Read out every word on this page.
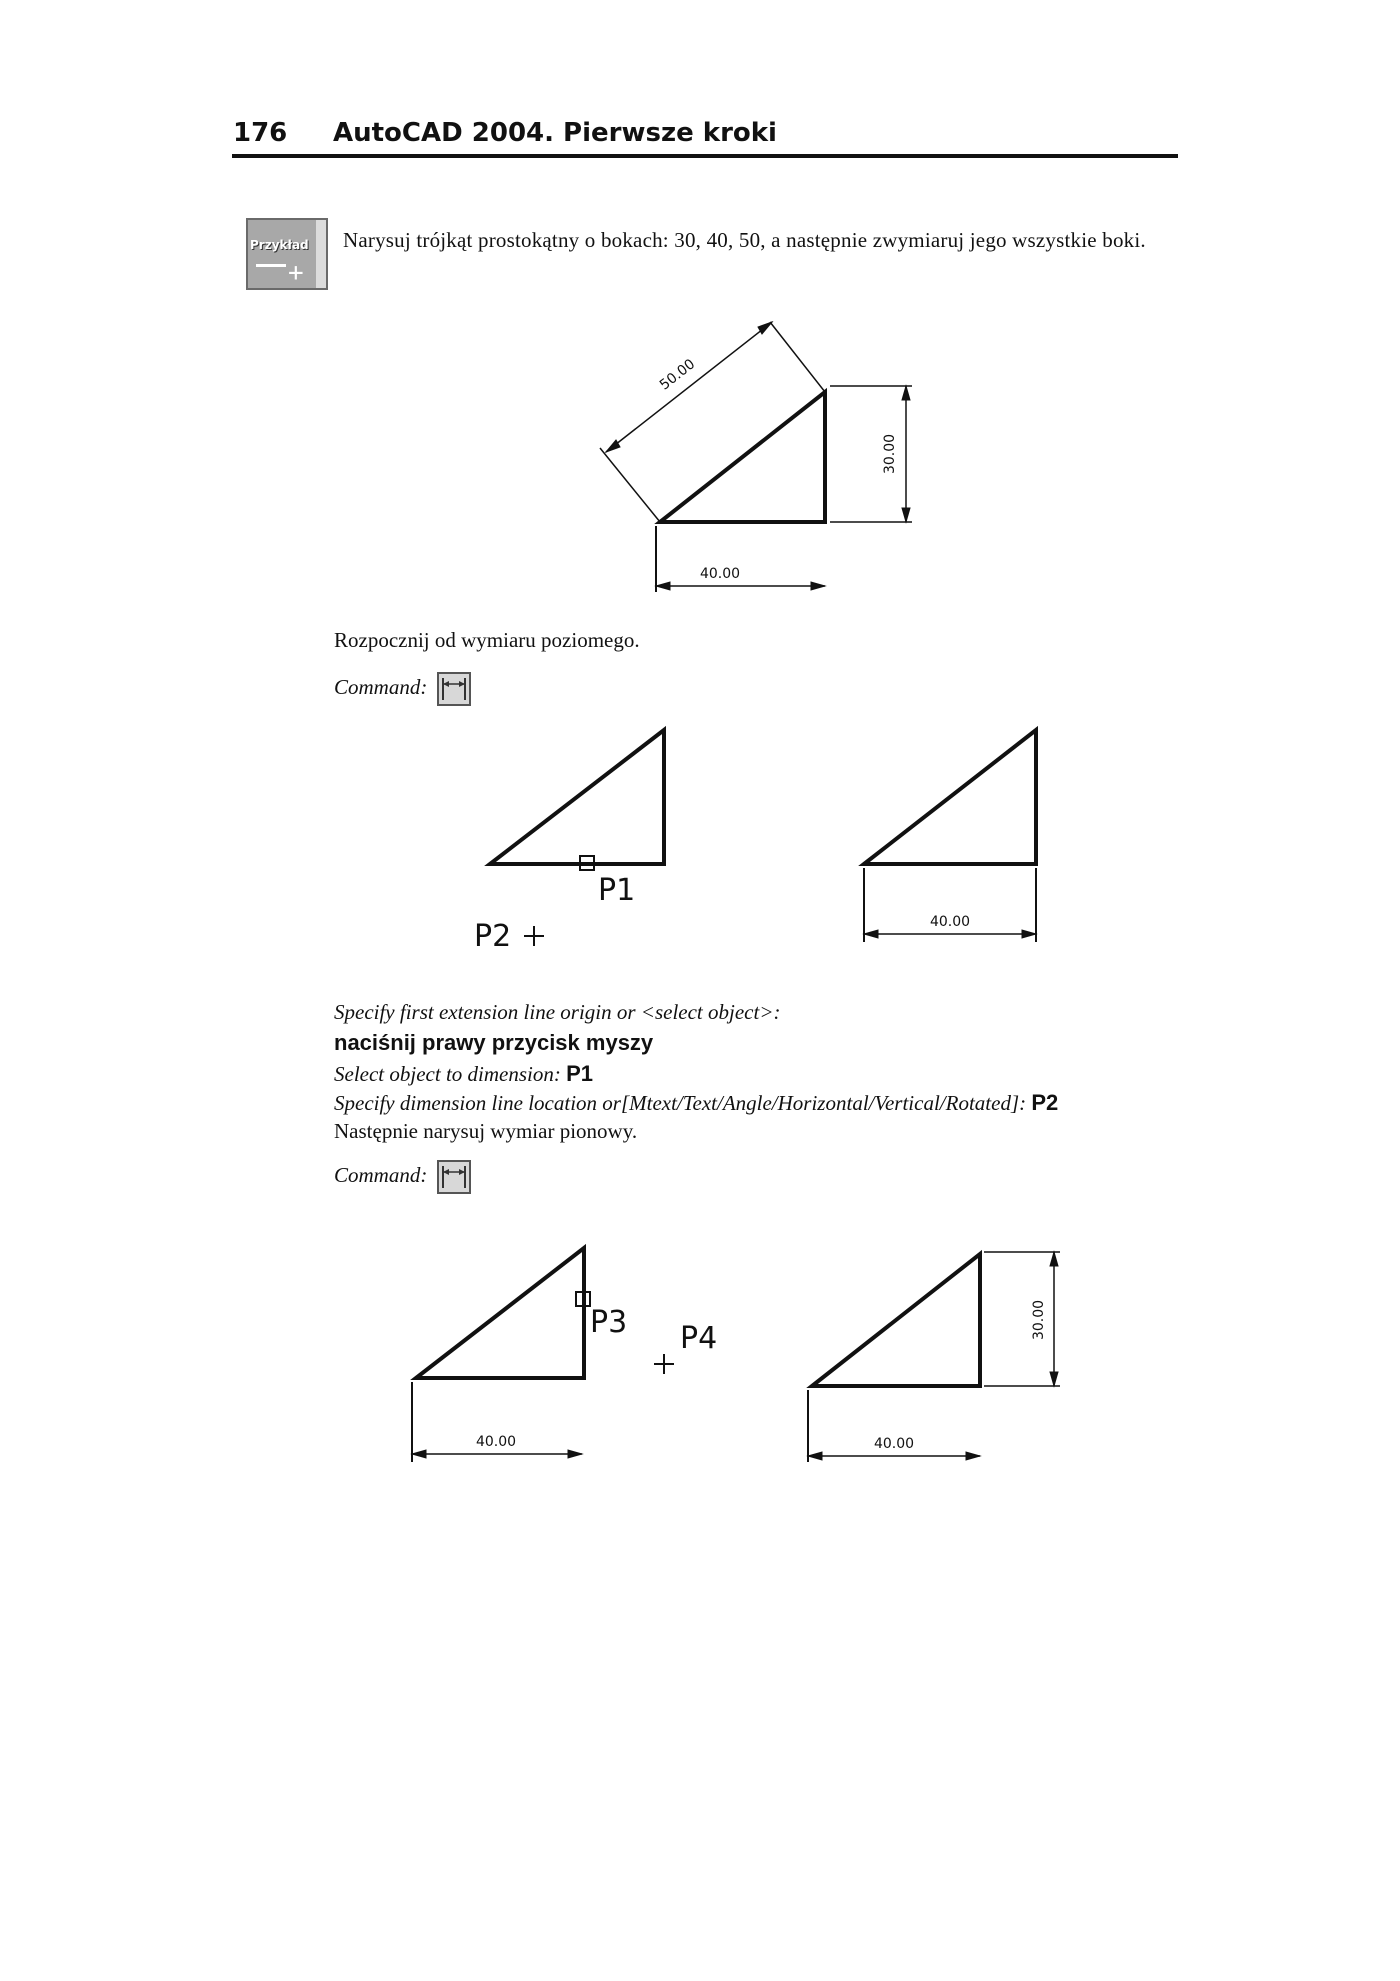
176 AutoCAD 2004. Pierwsze kroki
Przykład
+
Narysuj trójkąt prostokątny o bokach: 30, 40, 50, a następnie zwymiaruj jego wszystkie boki.
40.00
30.00
50.00
Rozpocznij od wymiaru poziomego.
Command:
P1
P2	40.00
Specify first extension line origin or <select object>:
naciśnij prawy przycisk myszy
Select object to dimension: P1
Specify dimension line location or[Mtext/Text/Angle/Horizontal/Vertical/Rotated]: P2
Następnie narysuj wymiar pionowy.
Command:
P3 P4
40.00	40.00
30.00
